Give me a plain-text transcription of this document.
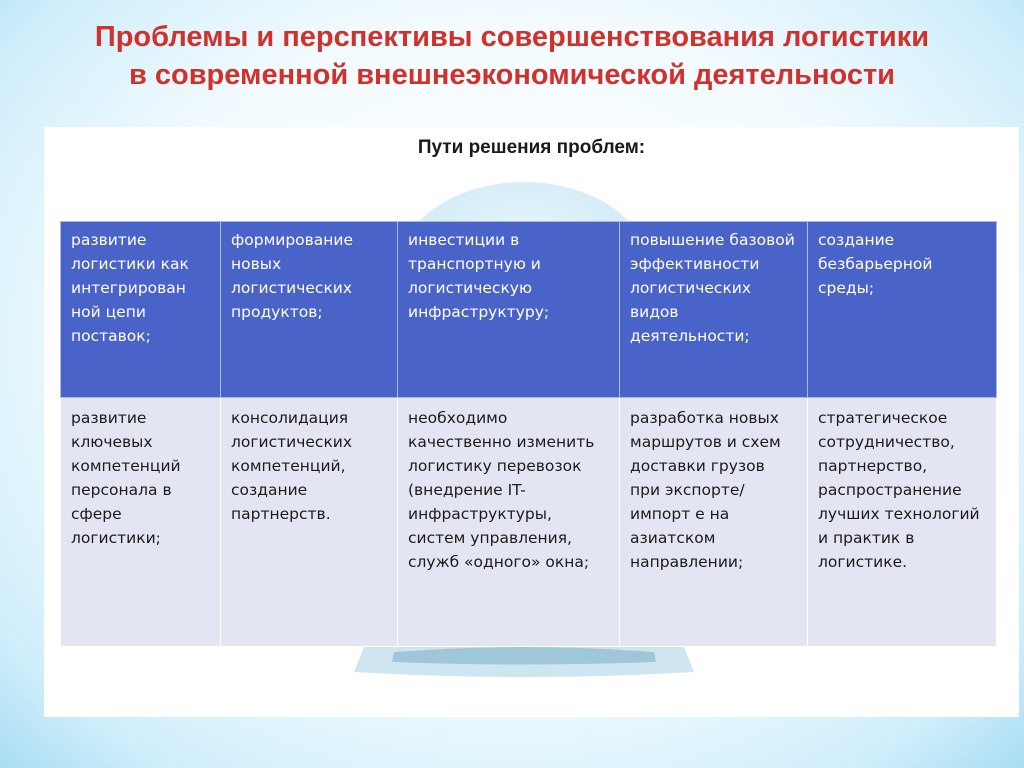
Проблемы и перспективы совершенствования логистики
в современной внешнеэкономической деятельности
Пути решения проблем:
развитие логистики как интегрирован ной цепи поставок;	формирование новых логистических продуктов;	инвестиции в транспортную и логистическую инфраструктуру;	повышение базовой эффективности логистических видов деятельности;	создание безбарьерной среды;
развитие ключевых компетенций персонала в сфере логистики;	консолидация логистических компетенций, создание партнерств.	необходимо качественно изменить логистику перевозок (внедрение IT-инфраструктуры, систем управления, служб «одного» окна;	разработка новых маршрутов и схем доставки грузов при экспорте/импорт е на азиатском направлении;	стратегическое сотрудничество, партнерство, распространение лучших технологий и практик в логистике.
